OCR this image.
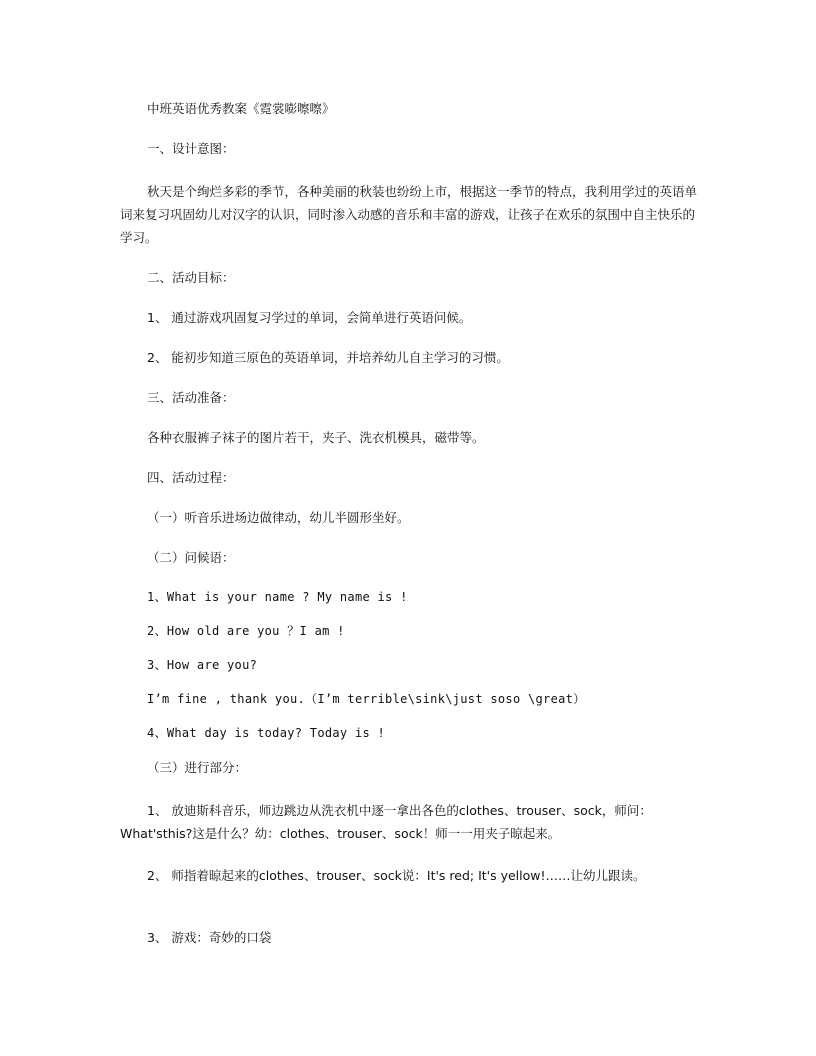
中班英语优秀教案《霓裳嘭嚓嚓》
一、设计意图：
秋天是个绚烂多彩的季节，各种美丽的秋装也纷纷上市，根据这一季节的特点，我利用学过的英语单词来复习巩固幼儿对汉字的认识，同时渗入动感的音乐和丰富的游戏，让孩子在欢乐的氛围中自主快乐的学习。
二、活动目标：
1、 通过游戏巩固复习学过的单词，会简单进行英语问候。
2、 能初步知道三原色的英语单词，并培养幼儿自主学习的习惯。
三、活动准备：
各种衣服裤子袜子的图片若干，夹子、洗衣机模具，磁带等。
四、活动过程：
（一）听音乐进场边做律动，幼儿半圆形坐好。
（二）问候语：
1、What is your name ? My name is !
2、How old are you ？I am !
3、How are you?
I’m fine , thank you.（I’m terrible\sink\just soso \great）
4、What day is today? Today is !
（三）进行部分：
1、 放迪斯科音乐，师边跳边从洗衣机中逐一拿出各色的clothes、trouser、sock，师问：What'sthis?这是什么？幼：clothes、trouser、sock！师一一用夹子晾起来。
2、 师指着晾起来的clothes、trouser、sock说：It's red; It's yellow!……让幼儿跟读。
3、 游戏：奇妙的口袋
